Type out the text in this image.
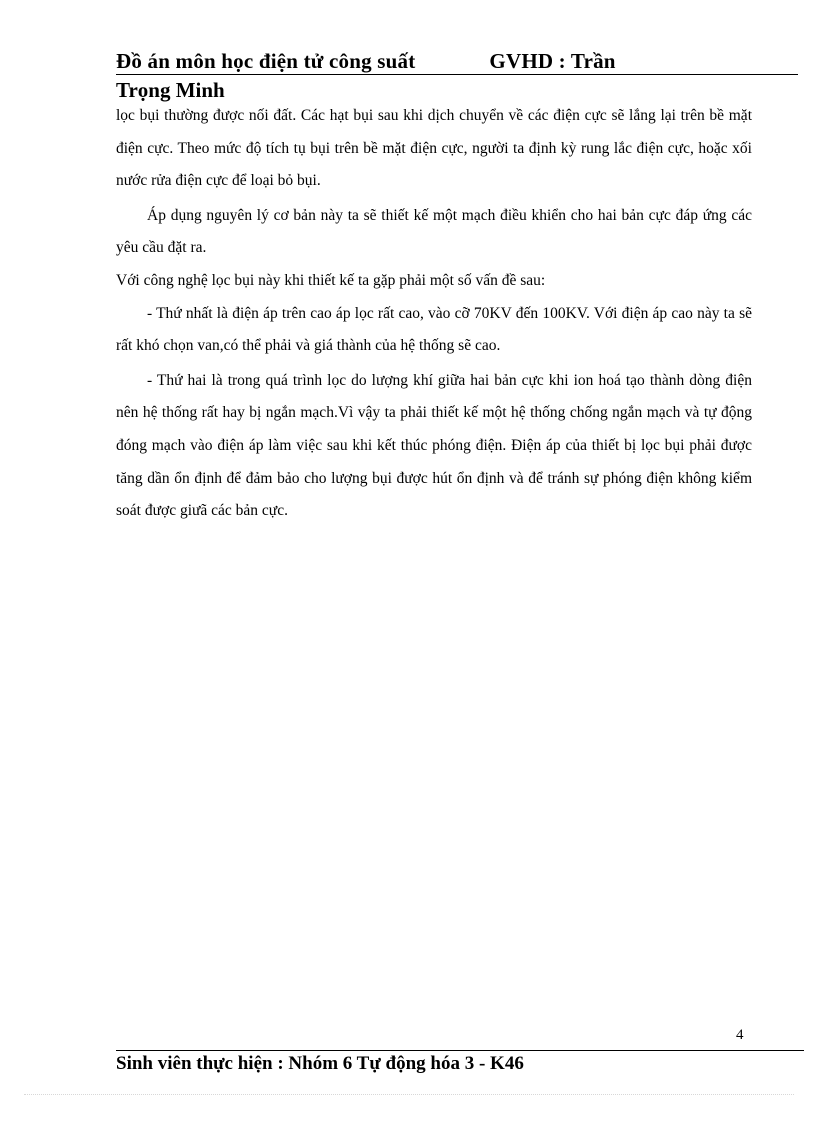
Đồ án môn học điện tử công suất	GVHD : Trần
Trọng Minh

lọc bụi thường được nối đất. Các hạt bụi sau khi dịch chuyển về các điện cực sẽ lắng lại trên bề mặt điện cực. Theo mức độ tích tụ bụi trên bề mặt điện cực, người ta định kỳ rung lắc điện cực, hoặc xối nước rửa điện cực để loại bỏ bụi.

Áp dụng nguyên lý cơ bản này ta sẽ thiết kế một mạch điều khiển cho hai bản cực đáp ứng các yêu cầu đặt ra.

Với công nghệ lọc bụi này khi thiết kế ta gặp phải một số vấn đề sau:

- Thứ nhất là điện áp trên cao áp lọc rất cao, vào cỡ 70KV đến 100KV. Với điện áp cao này ta sẽ rất khó chọn van,có thể phải và giá thành của hệ thống sẽ cao.

- Thứ hai là trong quá trình lọc do lượng khí giữa hai bản cực khi ion hoá tạo thành dòng điện nên hệ thống rất hay bị ngắn mạch.Vì vậy ta phải thiết kế một hệ thống chống ngắn mạch và tự động đóng mạch vào điện áp làm việc sau khi kết thúc phóng điện. Điện áp của thiết bị lọc bụi phải được tăng dần ổn định để đảm bảo cho lượng bụi được hút ổn định và để tránh sự phóng điện không kiểm soát được giưã các bản cực.

4
Sinh viên thực hiện : Nhóm 6 Tự động hóa 3 - K46
